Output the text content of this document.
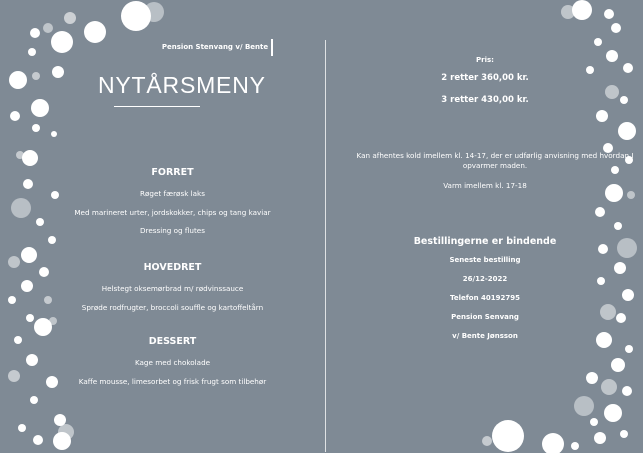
Pension Stenvang v/ Bente
NYTÅRSMENY
FORRET
Røget færøsk laks
Med marineret urter, jordskokker, chips og tang kaviar
Dressing og flutes
HOVEDRET
Helstegt oksemørbrad m/ rødvinssauce
Sprøde rodfrugter, broccoli souffle og kartoffeltårn
DESSERT
Kage med chokolade
Kaffe mousse, limesorbet og frisk frugt som tilbehør
Pris:
2 retter 360,00 kr.
3 retter 430,00 kr.
Kan afhentes kold imellem kl. 14-17, der er udførlig anvisning med hvordan I opvarmer maden.
Varm imellem kl. 17-18
Bestillingerne er bindende
Seneste bestilling
26/12-2022
Telefon 40192795
Pension Senvang
v/ Bente Jønsson
